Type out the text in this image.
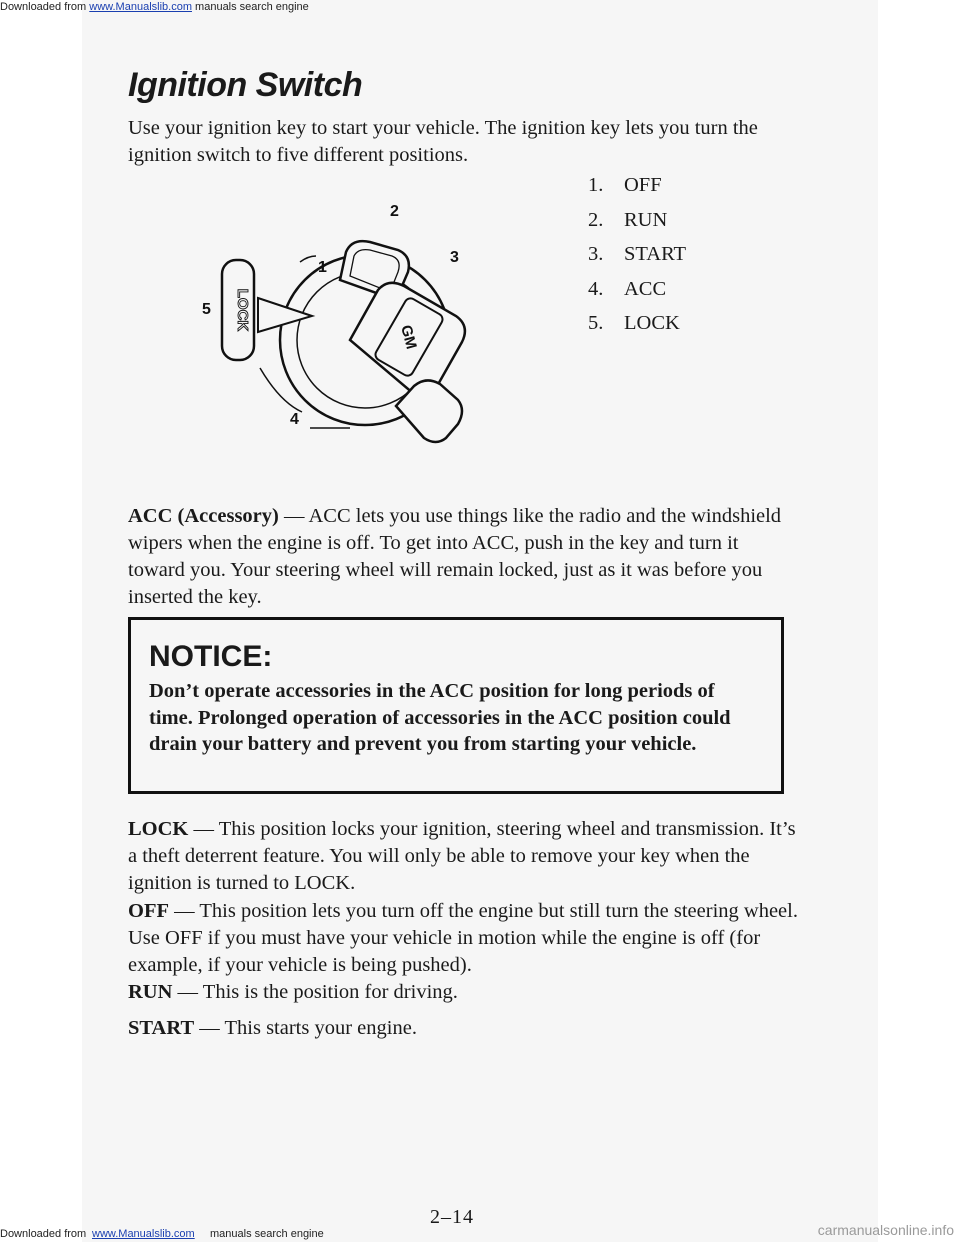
Downloaded from www.Manualslib.com manuals search engine
Ignition Switch

Use your ignition key to start your vehicle. The ignition key lets you turn the ignition switch to five different positions.

LOCK
GM
1
2
3
4
5
1. OFF
2. RUN
3. START
4. ACC
5. LOCK

ACC (Accessory) — ACC lets you use things like the radio and the windshield wipers when the engine is off. To get into ACC, push in the key and turn it toward you. Your steering wheel will remain locked, just as it was before you inserted the key.

NOTICE:

Don’t operate accessories in the ACC position for long periods of time. Prolonged operation of accessories in the ACC position could drain your battery and prevent you from starting your vehicle.

LOCK — This position locks your ignition, steering wheel and transmission. It’s a theft deterrent feature. You will only be able to remove your key when the ignition is turned to LOCK.

OFF — This position lets you turn off the engine but still turn the steering wheel. Use OFF if you must have your vehicle in motion while the engine is off (for example, if your vehicle is being pushed).

RUN — This is the position for driving.

START — This starts your engine.

2–14

Downloaded from www.Manualslib.com manuals search engine	carmanualsonline.info
